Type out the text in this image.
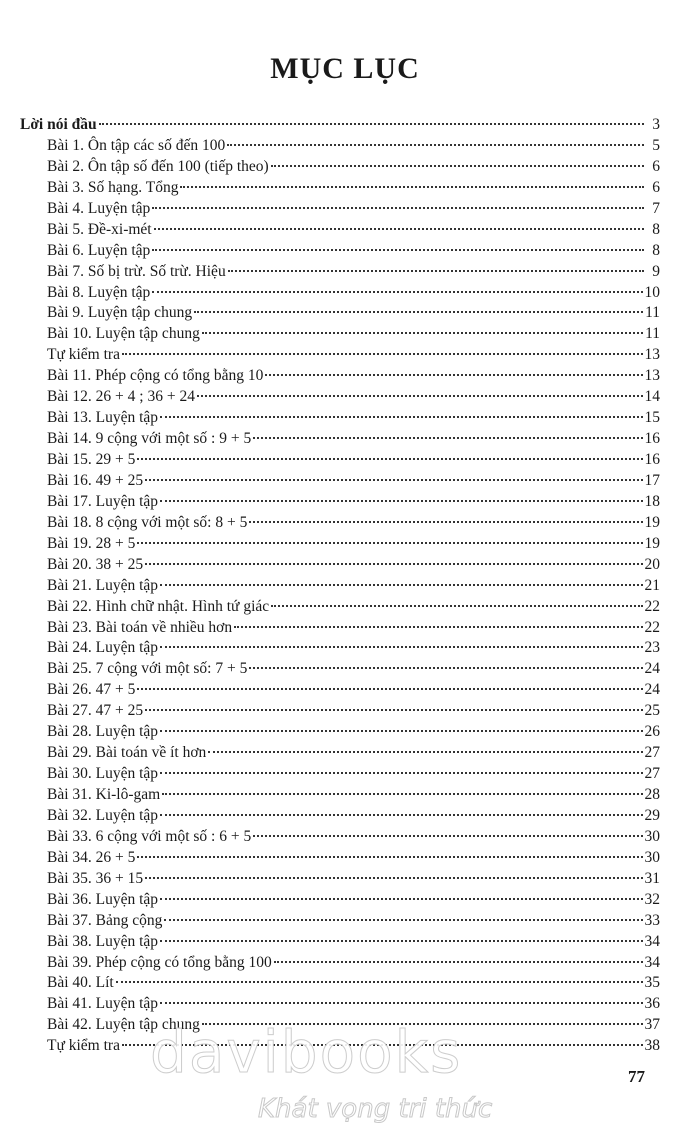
MỤC LỤC
Lời nói đầu	3
Bài 1. Ôn tập các số đến 100	5
Bài 2. Ôn tập số đến 100 (tiếp theo)	6
Bài 3. Số hạng. Tổng	6
Bài 4. Luyện tập	7
Bài 5. Đề-xi-mét	8
Bài 6. Luyện tập	8
Bài 7. Số bị trừ. Số trừ. Hiệu	9
Bài 8. Luyện tập	10
Bài 9. Luyện tập chung	11
Bài 10. Luyện tập chung	11
Tự kiểm tra	13
Bài 11. Phép cộng có tổng bằng 10	13
Bài 12. 26 + 4 ; 36 + 24	14
Bài 13. Luyện tập	15
Bài 14. 9 cộng với một số : 9 + 5	16
Bài 15. 29 + 5	16
Bài 16. 49 + 25	17
Bài 17. Luyện tập	18
Bài 18. 8 cộng với một số: 8 + 5	19
Bài 19. 28 + 5	19
Bài 20. 38 + 25	20
Bài 21. Luyện tập	21
Bài 22. Hình chữ nhật. Hình tứ giác	22
Bài 23. Bài toán về nhiều hơn	22
Bài 24. Luyện tập	23
Bài 25. 7 cộng với một số: 7 + 5	24
Bài 26. 47 + 5	24
Bài 27. 47 + 25	25
Bài 28. Luyện tập	26
Bài 29. Bài toán về ít hơn	27
Bài 30. Luyện tập	27
Bài 31. Ki-lô-gam	28
Bài 32. Luyện tập	29
Bài 33. 6 cộng với một số : 6 + 5	30
Bài 34. 26 + 5	30
Bài 35. 36 + 15	31
Bài 36. Luyện tập	32
Bài 37. Bảng cộng	33
Bài 38. Luyện tập	34
Bài 39. Phép cộng có tổng bằng 100	34
Bài 40. Lít	35
Bài 41. Luyện tập	36
Bài 42. Luyện tập chung	37
Tự kiểm tra	38
davibooks
Khát vọng tri thức
77
